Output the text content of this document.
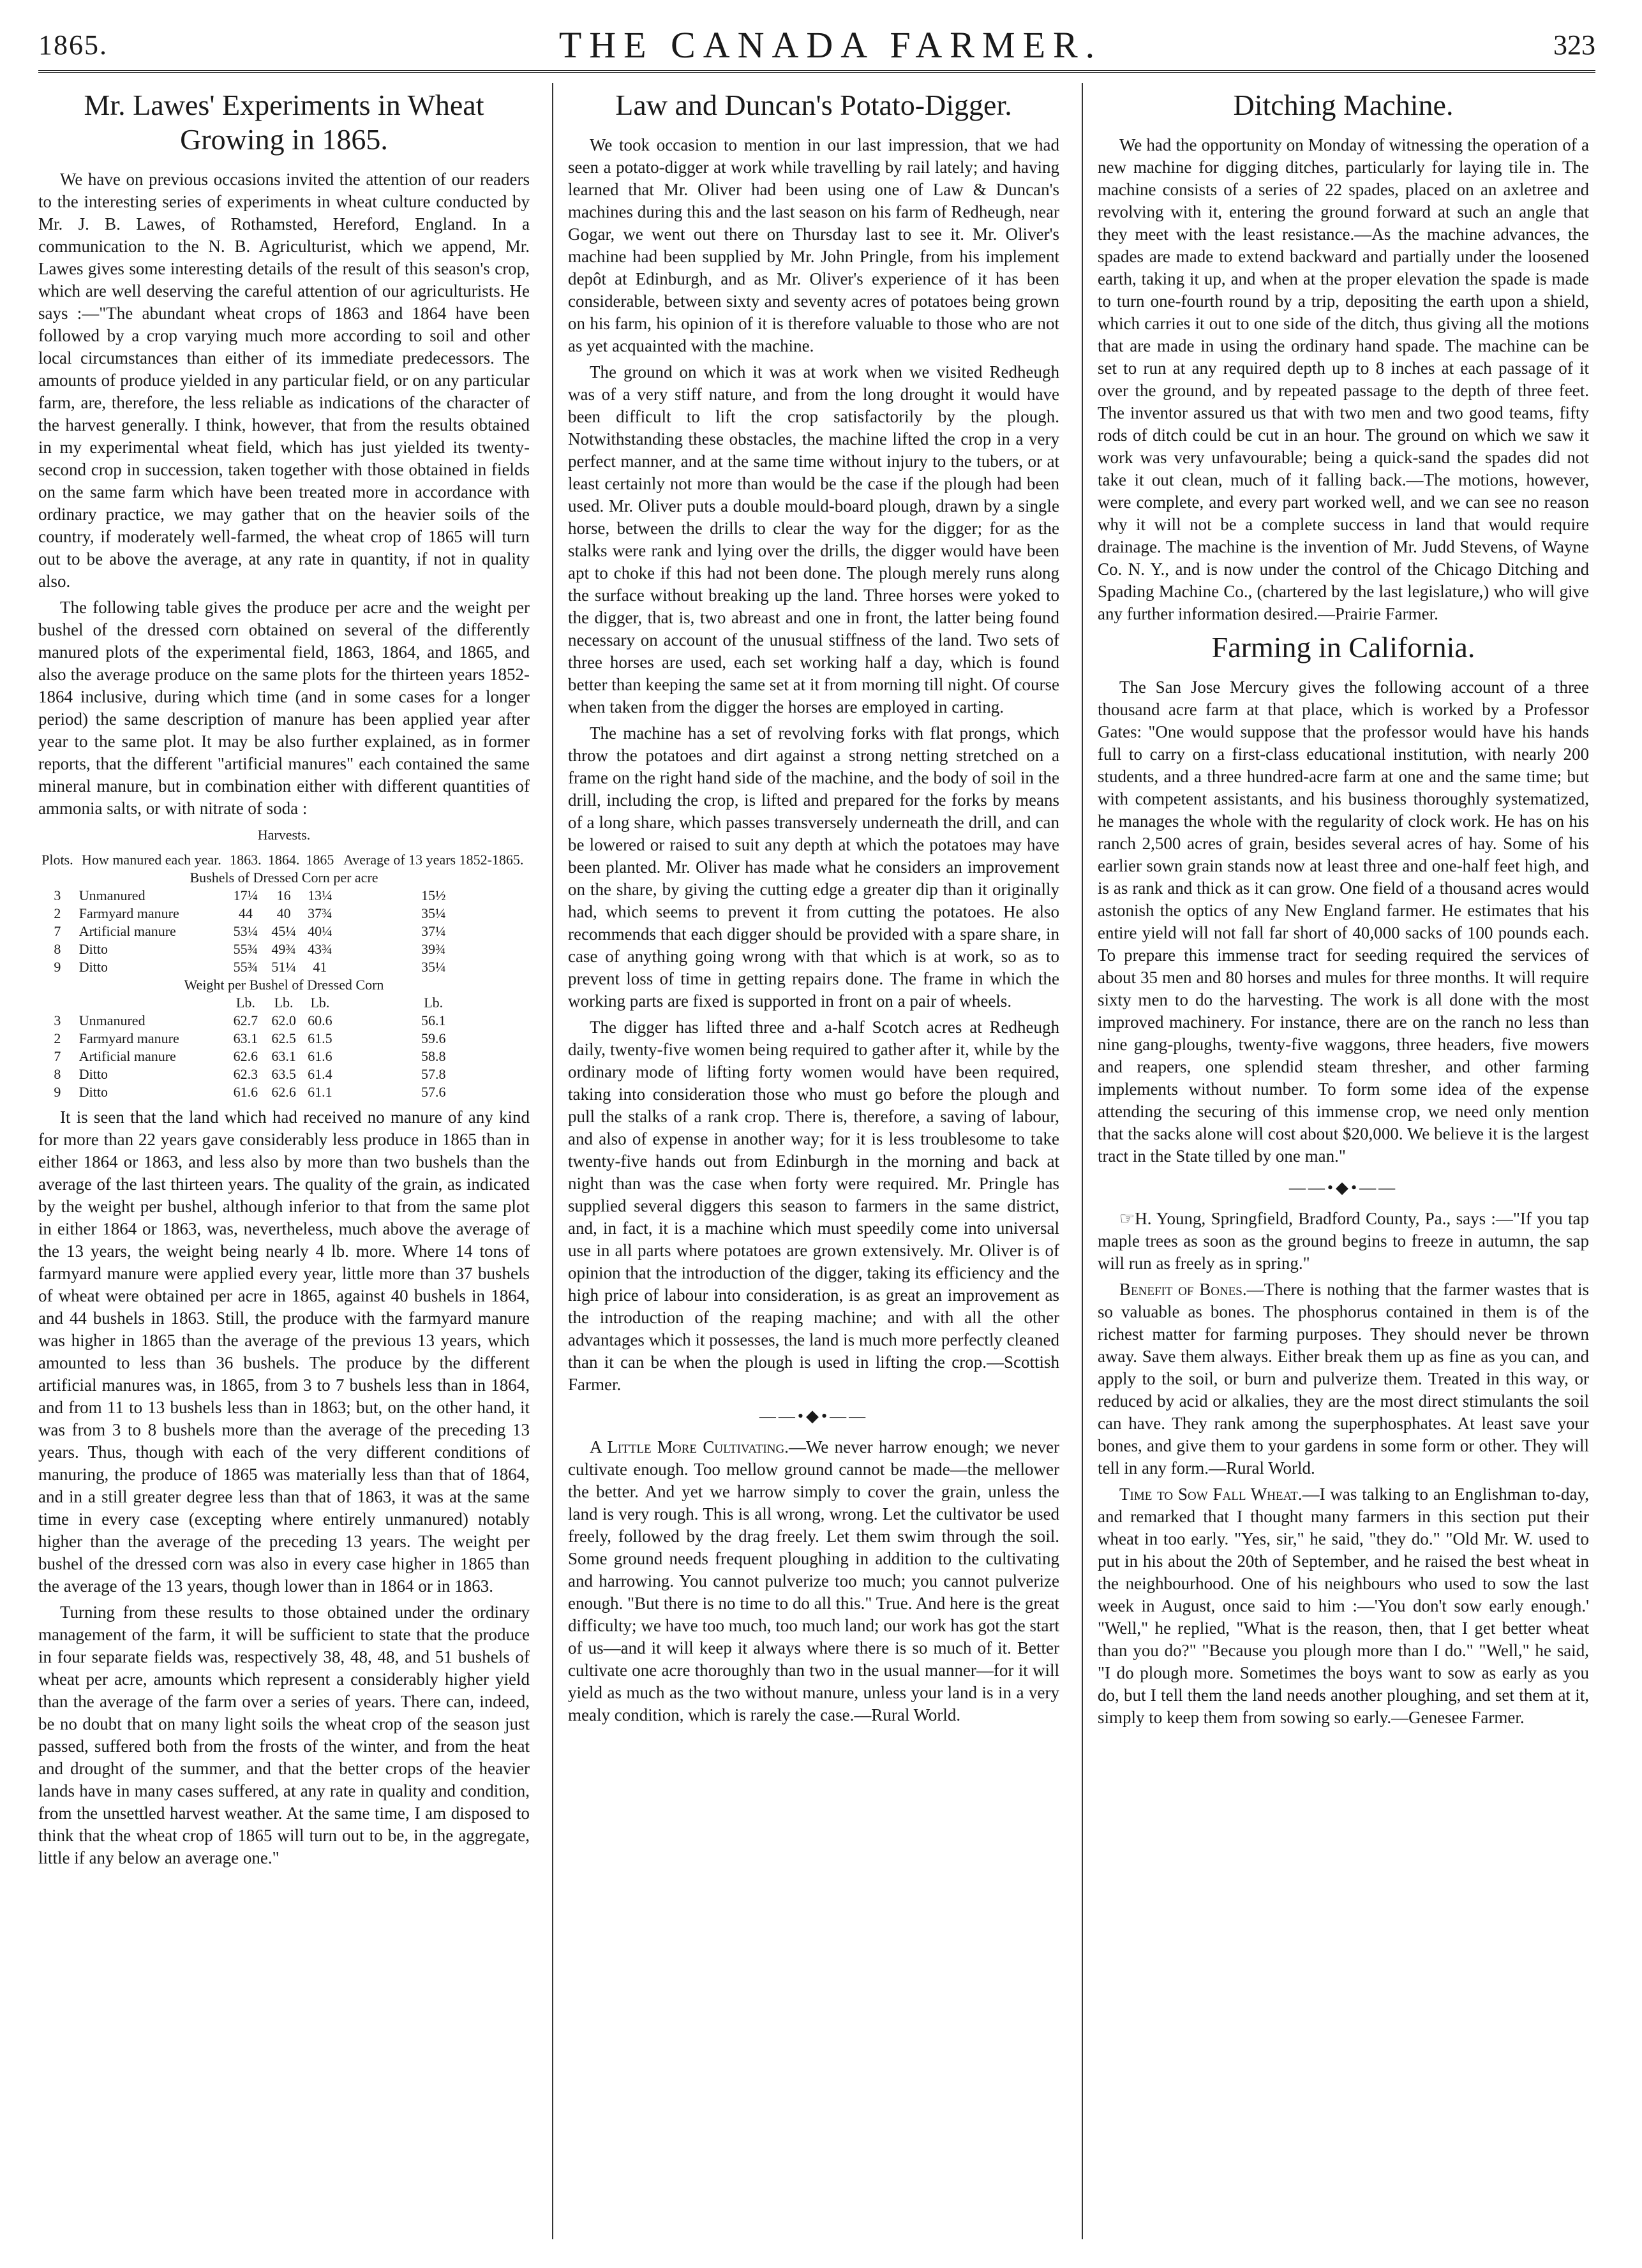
1865.	THE CANADA FARMER.	323
Mr. Lawes' Experiments in Wheat Growing in 1865.

We have on previous occasions invited the attention of our readers to the interesting series of experiments in wheat culture conducted by Mr. J. B. Lawes, of Rothamsted, Hereford, England. In a communication to the N. B. Agriculturist, which we append, Mr. Lawes gives some interesting details of the result of this season's crop, which are well deserving the careful attention of our agriculturists. He says :—"The abundant wheat crops of 1863 and 1864 have been followed by a crop varying much more according to soil and other local circumstances than either of its immediate predecessors. The amounts of produce yielded in any particular field, or on any particular farm, are, therefore, the less reliable as indications of the character of the harvest generally. I think, however, that from the results obtained in my experimental wheat field, which has just yielded its twenty-second crop in succession, taken together with those obtained in fields on the same farm which have been treated more in accordance with ordinary practice, we may gather that on the heavier soils of the country, if moderately well-farmed, the wheat crop of 1865 will turn out to be above the average, at any rate in quantity, if not in quality also.

The following table gives the produce per acre and the weight per bushel of the dressed corn obtained on several of the differently manured plots of the experimental field, 1863, 1864, and 1865, and also the average produce on the same plots for the thirteen years 1852-1864 inclusive, during which time (and in some cases for a longer period) the same description of manure has been applied year after year to the same plot. It may be also further explained, as in former reports, that the different "artificial manures" each contained the same mineral manure, but in combination either with different quantities of ammonia salts, or with nitrate of soda :

Harvests.
Plots.	How manured each year.	1863.	1864.	1865	Average of 13 years 1852-1865.
Bushels of Dressed Corn per acre					
3	Unmanured	17¼	16	13¼	15½
2	Farmyard manure	44	40	37¾	35¼
7	Artificial manure	53¼	45¼	40¼	37¼
8	Ditto	55¾	49¾	43¾	39¾
9	Ditto	55¾	51¼	41	35¼
Weight per Bushel of Dressed Corn					
		Lb.	Lb.	Lb.	Lb.
3	Unmanured	62.7	62.0	60.6	56.1
2	Farmyard manure	63.1	62.5	61.5	59.6
7	Artificial manure	62.6	63.1	61.6	58.8
8	Ditto	62.3	63.5	61.4	57.8
9	Ditto	61.6	62.6	61.1	57.6

It is seen that the land which had received no manure of any kind for more than 22 years gave considerably less produce in 1865 than in either 1864 or 1863, and less also by more than two bushels than the average of the last thirteen years. The quality of the grain, as indicated by the weight per bushel, although inferior to that from the same plot in either 1864 or 1863, was, nevertheless, much above the average of the 13 years, the weight being nearly 4 lb. more. Where 14 tons of farmyard manure were applied every year, little more than 37 bushels of wheat were obtained per acre in 1865, against 40 bushels in 1864, and 44 bushels in 1863. Still, the produce with the farmyard manure was higher in 1865 than the average of the previous 13 years, which amounted to less than 36 bushels. The produce by the different artificial manures was, in 1865, from 3 to 7 bushels less than in 1864, and from 11 to 13 bushels less than in 1863; but, on the other hand, it was from 3 to 8 bushels more than the average of the preceding 13 years. Thus, though with each of the very different conditions of manuring, the produce of 1865 was materially less than that of 1864, and in a still greater degree less than that of 1863, it was at the same time in every case (excepting where entirely unmanured) notably higher than the average of the preceding 13 years. The weight per bushel of the dressed corn was also in every case higher in 1865 than the average of the 13 years, though lower than in 1864 or in 1863.

Turning from these results to those obtained under the ordinary management of the farm, it will be sufficient to state that the produce in four separate fields was, respectively 38, 48, 48, and 51 bushels of wheat per acre, amounts which represent a considerably higher yield than the average of the farm over a series of years. There can, indeed, be no doubt that on many light soils the wheat crop of the season just passed, suffered both from the frosts of the winter, and from the heat and drought of the summer, and that the better crops of the heavier lands have in many cases suffered, at any rate in quality and condition, from the unsettled harvest weather. At the same time, I am disposed to think that the wheat crop of 1865 will turn out to be, in the aggregate, little if any below an average one."

Law and Duncan's Potato-Digger.

We took occasion to mention in our last impression, that we had seen a potato-digger at work while travelling by rail lately; and having learned that Mr. Oliver had been using one of Law & Duncan's machines during this and the last season on his farm of Redheugh, near Gogar, we went out there on Thursday last to see it. Mr. Oliver's machine had been supplied by Mr. John Pringle, from his implement depôt at Edinburgh, and as Mr. Oliver's experience of it has been considerable, between sixty and seventy acres of potatoes being grown on his farm, his opinion of it is therefore valuable to those who are not as yet acquainted with the machine.

The ground on which it was at work when we visited Redheugh was of a very stiff nature, and from the long drought it would have been difficult to lift the crop satisfactorily by the plough. Notwithstanding these obstacles, the machine lifted the crop in a very perfect manner, and at the same time without injury to the tubers, or at least certainly not more than would be the case if the plough had been used. Mr. Oliver puts a double mould-board plough, drawn by a single horse, between the drills to clear the way for the digger; for as the stalks were rank and lying over the drills, the digger would have been apt to choke if this had not been done. The plough merely runs along the surface without breaking up the land. Three horses were yoked to the digger, that is, two abreast and one in front, the latter being found necessary on account of the unusual stiffness of the land. Two sets of three horses are used, each set working half a day, which is found better than keeping the same set at it from morning till night. Of course when taken from the digger the horses are employed in carting.

The machine has a set of revolving forks with flat prongs, which throw the potatoes and dirt against a strong netting stretched on a frame on the right hand side of the machine, and the body of soil in the drill, including the crop, is lifted and prepared for the forks by means of a long share, which passes transversely underneath the drill, and can be lowered or raised to suit any depth at which the potatoes may have been planted. Mr. Oliver has made what he considers an improvement on the share, by giving the cutting edge a greater dip than it originally had, which seems to prevent it from cutting the potatoes. He also recommends that each digger should be provided with a spare share, in case of anything going wrong with that which is at work, so as to prevent loss of time in getting repairs done. The frame in which the working parts are fixed is supported in front on a pair of wheels.

The digger has lifted three and a-half Scotch acres at Redheugh daily, twenty-five women being required to gather after it, while by the ordinary mode of lifting forty women would have been required, taking into consideration those who must go before the plough and pull the stalks of a rank crop. There is, therefore, a saving of labour, and also of expense in another way; for it is less troublesome to take twenty-five hands out from Edinburgh in the morning and back at night than was the case when forty were required. Mr. Pringle has supplied several diggers this season to farmers in the same district, and, in fact, it is a machine which must speedily come into universal use in all parts where potatoes are grown extensively. Mr. Oliver is of opinion that the introduction of the digger, taking its efficiency and the high price of labour into consideration, is as great an improvement as the introduction of the reaping machine; and with all the other advantages which it possesses, the land is much more perfectly cleaned than it can be when the plough is used in lifting the crop.—Scottish Farmer.

——•◆•——

A Little More Cultivating.—We never harrow enough; we never cultivate enough. Too mellow ground cannot be made—the mellower the better. And yet we harrow simply to cover the grain, unless the land is very rough. This is all wrong, wrong. Let the cultivator be used freely, followed by the drag freely. Let them swim through the soil. Some ground needs frequent ploughing in addition to the cultivating and harrowing. You cannot pulverize too much; you cannot pulverize enough. "But there is no time to do all this." True. And here is the great difficulty; we have too much, too much land; our work has got the start of us—and it will keep it always where there is so much of it. Better cultivate one acre thoroughly than two in the usual manner—for it will yield as much as the two without manure, unless your land is in a very mealy condition, which is rarely the case.—Rural World.

Ditching Machine.

We had the opportunity on Monday of witnessing the operation of a new machine for digging ditches, particularly for laying tile in. The machine consists of a series of 22 spades, placed on an axletree and revolving with it, entering the ground forward at such an angle that they meet with the least resistance.—As the machine advances, the spades are made to extend backward and partially under the loosened earth, taking it up, and when at the proper elevation the spade is made to turn one-fourth round by a trip, depositing the earth upon a shield, which carries it out to one side of the ditch, thus giving all the motions that are made in using the ordinary hand spade. The machine can be set to run at any required depth up to 8 inches at each passage of it over the ground, and by repeated passage to the depth of three feet. The inventor assured us that with two men and two good teams, fifty rods of ditch could be cut in an hour. The ground on which we saw it work was very unfavourable; being a quick-sand the spades did not take it out clean, much of it falling back.—The motions, however, were complete, and every part worked well, and we can see no reason why it will not be a complete success in land that would require drainage. The machine is the invention of Mr. Judd Stevens, of Wayne Co. N. Y., and is now under the control of the Chicago Ditching and Spading Machine Co., (chartered by the last legislature,) who will give any further information desired.—Prairie Farmer.

Farming in California.

The San Jose Mercury gives the following account of a three thousand acre farm at that place, which is worked by a Professor Gates: "One would suppose that the professor would have his hands full to carry on a first-class educational institution, with nearly 200 students, and a three hundred-acre farm at one and the same time; but with competent assistants, and his business thoroughly systematized, he manages the whole with the regularity of clock work. He has on his ranch 2,500 acres of grain, besides several acres of hay. Some of his earlier sown grain stands now at least three and one-half feet high, and is as rank and thick as it can grow. One field of a thousand acres would astonish the optics of any New England farmer. He estimates that his entire yield will not fall far short of 40,000 sacks of 100 pounds each. To prepare this immense tract for seeding required the services of about 35 men and 80 horses and mules for three months. It will require sixty men to do the harvesting. The work is all done with the most improved machinery. For instance, there are on the ranch no less than nine gang-ploughs, twenty-five waggons, three headers, five mowers and reapers, one splendid steam thresher, and other farming implements without number. To form some idea of the expense attending the securing of this immense crop, we need only mention that the sacks alone will cost about $20,000. We believe it is the largest tract in the State tilled by one man."

——•◆•——

☞H. Young, Springfield, Bradford County, Pa., says :—"If you tap maple trees as soon as the ground begins to freeze in autumn, the sap will run as freely as in spring."

Benefit of Bones.—There is nothing that the farmer wastes that is so valuable as bones. The phosphorus contained in them is of the richest matter for farming purposes. They should never be thrown away. Save them always. Either break them up as fine as you can, and apply to the soil, or burn and pulverize them. Treated in this way, or reduced by acid or alkalies, they are the most direct stimulants the soil can have. They rank among the superphosphates. At least save your bones, and give them to your gardens in some form or other. They will tell in any form.—Rural World.

Time to Sow Fall Wheat.—I was talking to an Englishman to-day, and remarked that I thought many farmers in this section put their wheat in too early. "Yes, sir," he said, "they do." "Old Mr. W. used to put in his about the 20th of September, and he raised the best wheat in the neighbourhood. One of his neighbours who used to sow the last week in August, once said to him :—'You don't sow early enough.' "Well," he replied, "What is the reason, then, that I get better wheat than you do?" "Because you plough more than I do." "Well," he said, "I do plough more. Sometimes the boys want to sow as early as you do, but I tell them the land needs another ploughing, and set them at it, simply to keep them from sowing so early.—Genesee Farmer.
